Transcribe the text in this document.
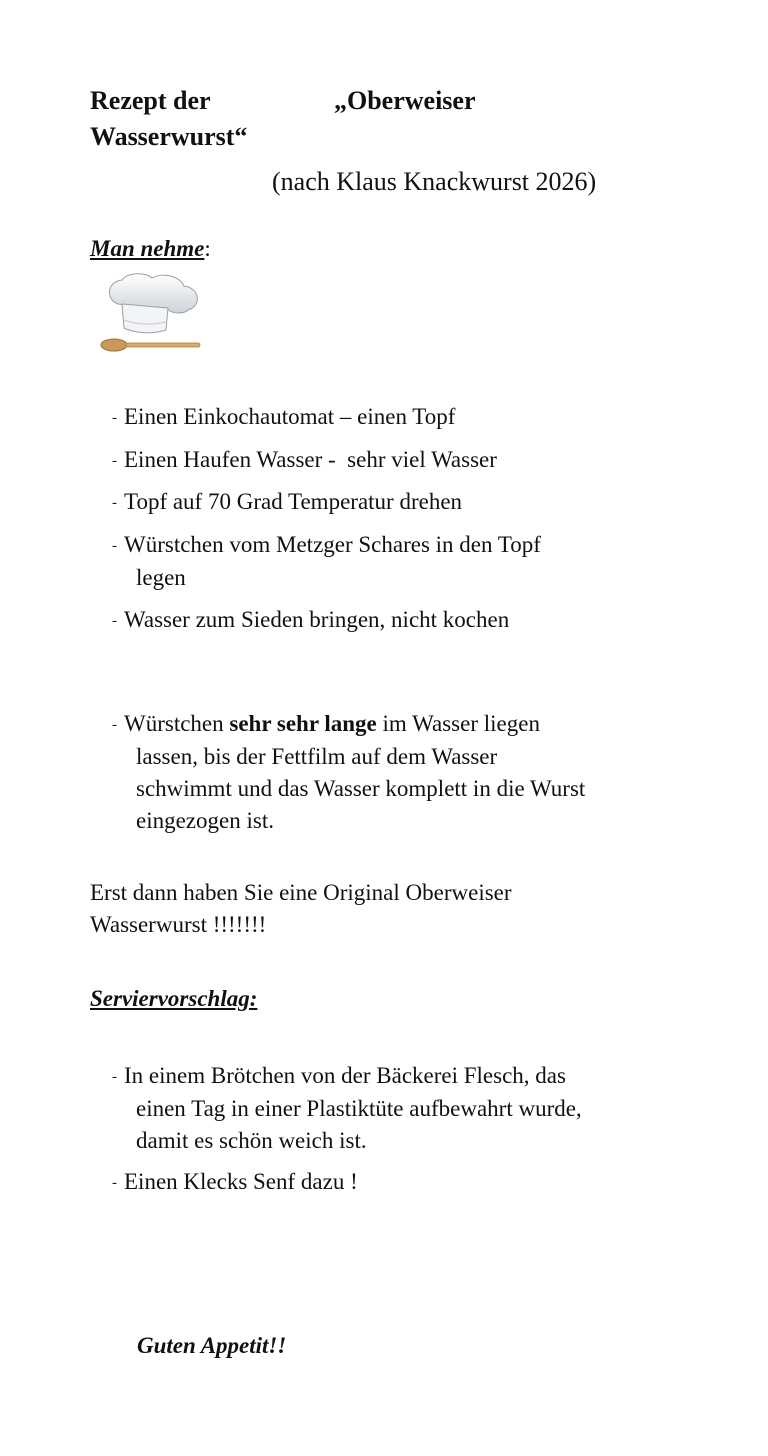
Rezept der	„Oberweiser
Wasserwurst“
(nach Klaus Knackwurst 2026)
Man nehme:
- Einen Einkochautomat – einen Topf
- Einen Haufen Wasser -  sehr viel Wasser
- Topf auf 70 Grad Temperatur drehen
- Würstchen vom Metzger Schares in den Topf
legen
- Wasser zum Sieden bringen, nicht kochen
- Würstchen sehr sehr lange im Wasser liegen
lassen, bis der Fettfilm auf dem Wasser
schwimmt und das Wasser komplett in die Wurst
eingezogen ist.
Erst dann haben Sie eine Original Oberweiser
Wasserwurst !!!!!!!
Serviervorschlag:
- In einem Brötchen von der Bäckerei Flesch, das
einen Tag in einer Plastiktüte aufbewahrt wurde,
damit es schön weich ist.
- Einen Klecks Senf dazu !
Guten Appetit!!
